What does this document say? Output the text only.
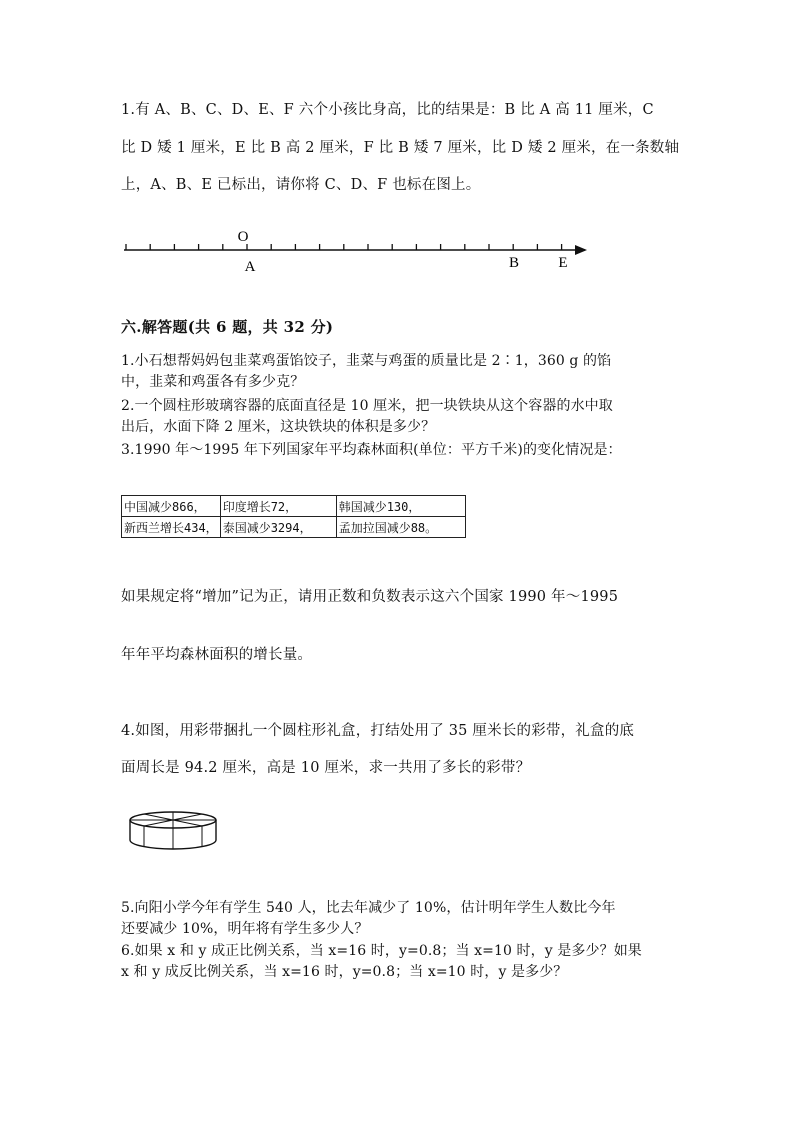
1.有 A、B、C、D、E、F 六个小孩比身高，比的结果是：B 比 A 高 11 厘米，C
比 D 矮 1 厘米，E 比 B 高 2 厘米，F 比 B 矮 7 厘米，比 D 矮 2 厘米，在一条数轴
上，A、B、E 已标出，请你将 C、D、F 也标在图上。
O
A	B	E
六.解答题(共 6 题，共 32 分)
1.小石想帮妈妈包韭菜鸡蛋馅饺子，韭菜与鸡蛋的质量比是 2∶1，360 g 的馅
中，韭菜和鸡蛋各有多少克？
2.一个圆柱形玻璃容器的底面直径是 10 厘米，把一块铁块从这个容器的水中取
出后，水面下降 2 厘米，这块铁块的体积是多少？
3.1990 年～1995 年下列国家年平均森林面积(单位：平方千米)的变化情况是：
中国减少866，	印度增长72，	韩国减少130，
新西兰增长434，	泰国减少3294，	孟加拉国减少88。
如果规定将“增加”记为正，请用正数和负数表示这六个国家 1990 年～1995
年年平均森林面积的增长量。
4.如图，用彩带捆扎一个圆柱形礼盒，打结处用了 35 厘米长的彩带，礼盒的底
面周长是 94.2 厘米，高是 10 厘米，求一共用了多长的彩带？
5.向阳小学今年有学生 540 人，比去年减少了 10%，估计明年学生人数比今年
还要减少 10%，明年将有学生多少人？
6.如果 x 和 y 成正比例关系，当 x=16 时，y=0.8；当 x=10 时，y 是多少？如果
x 和 y 成反比例关系，当 x=16 时，y=0.8；当 x=10 时，y 是多少？
